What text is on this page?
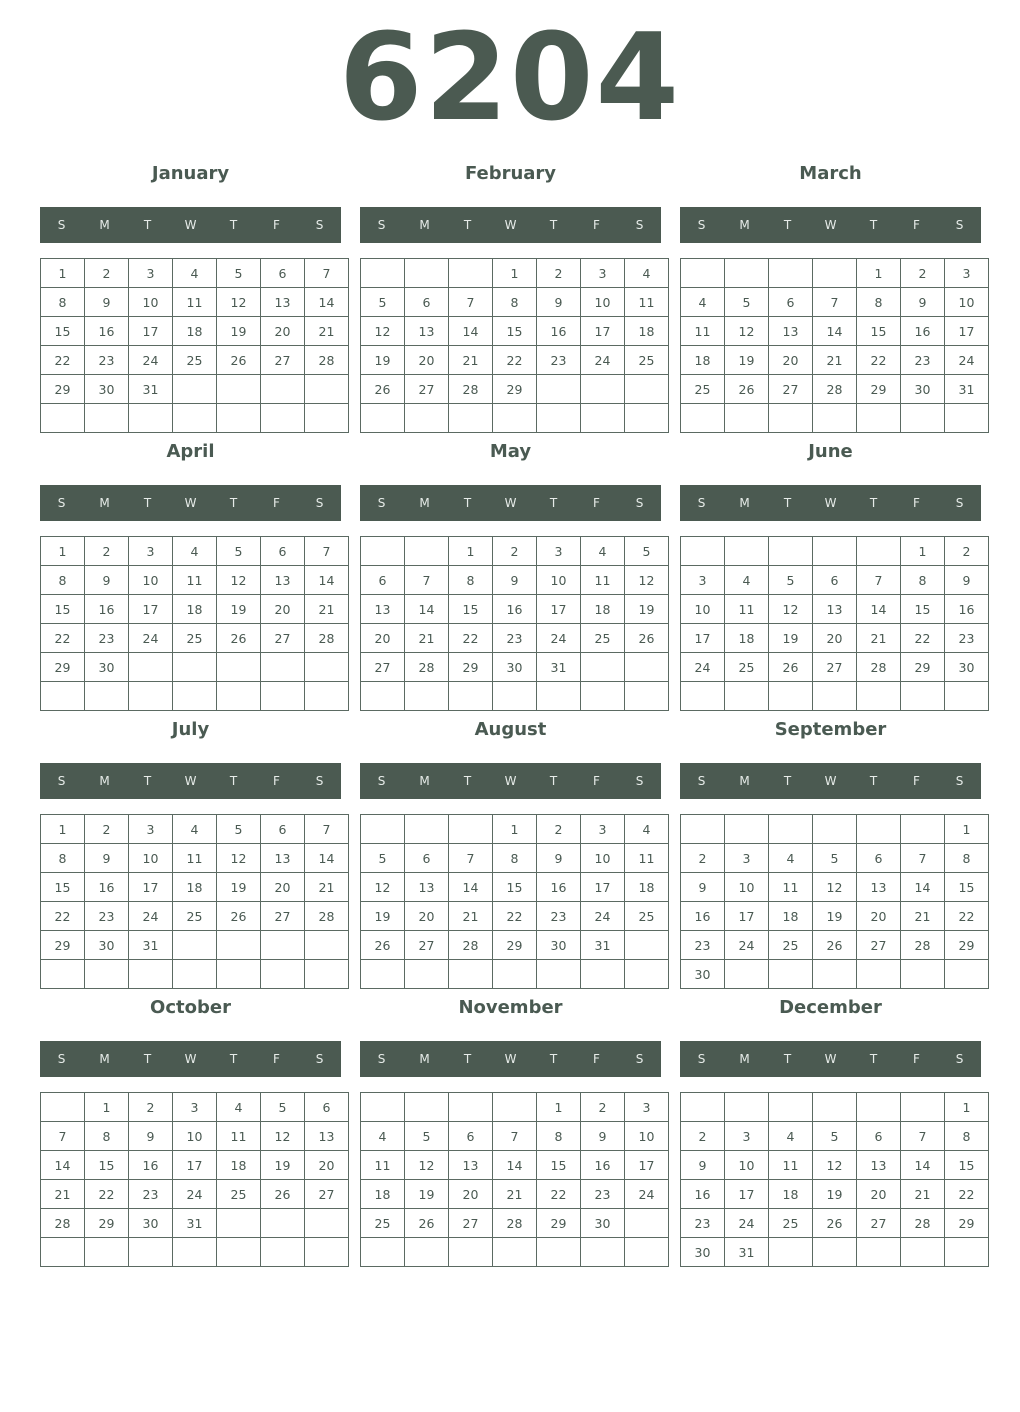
6204
January
S	M	T	W	T	F	S
1	2	3	4	5	6	7
8	9	10	11	12	13	14
15	16	17	18	19	20	21
22	23	24	25	26	27	28
29	30	31				

February
S	M	T	W	T	F	S
			1	2	3	4
5	6	7	8	9	10	11
12	13	14	15	16	17	18
19	20	21	22	23	24	25
26	27	28	29			

March
S	M	T	W	T	F	S
				1	2	3
4	5	6	7	8	9	10
11	12	13	14	15	16	17
18	19	20	21	22	23	24
25	26	27	28	29	30	31

April
S	M	T	W	T	F	S
1	2	3	4	5	6	7
8	9	10	11	12	13	14
15	16	17	18	19	20	21
22	23	24	25	26	27	28
29	30					

May
S	M	T	W	T	F	S
		1	2	3	4	5
6	7	8	9	10	11	12
13	14	15	16	17	18	19
20	21	22	23	24	25	26
27	28	29	30	31		

June
S	M	T	W	T	F	S
					1	2
3	4	5	6	7	8	9
10	11	12	13	14	15	16
17	18	19	20	21	22	23
24	25	26	27	28	29	30

July
S	M	T	W	T	F	S
1	2	3	4	5	6	7
8	9	10	11	12	13	14
15	16	17	18	19	20	21
22	23	24	25	26	27	28
29	30	31				

August
S	M	T	W	T	F	S
			1	2	3	4
5	6	7	8	9	10	11
12	13	14	15	16	17	18
19	20	21	22	23	24	25
26	27	28	29	30	31	

September
S	M	T	W	T	F	S
						1
2	3	4	5	6	7	8
9	10	11	12	13	14	15
16	17	18	19	20	21	22
23	24	25	26	27	28	29
30						
October
S	M	T	W	T	F	S
	1	2	3	4	5	6
7	8	9	10	11	12	13
14	15	16	17	18	19	20
21	22	23	24	25	26	27
28	29	30	31			

November
S	M	T	W	T	F	S
				1	2	3
4	5	6	7	8	9	10
11	12	13	14	15	16	17
18	19	20	21	22	23	24
25	26	27	28	29	30	

December
S	M	T	W	T	F	S
						1
2	3	4	5	6	7	8
9	10	11	12	13	14	15
16	17	18	19	20	21	22
23	24	25	26	27	28	29
30	31					
